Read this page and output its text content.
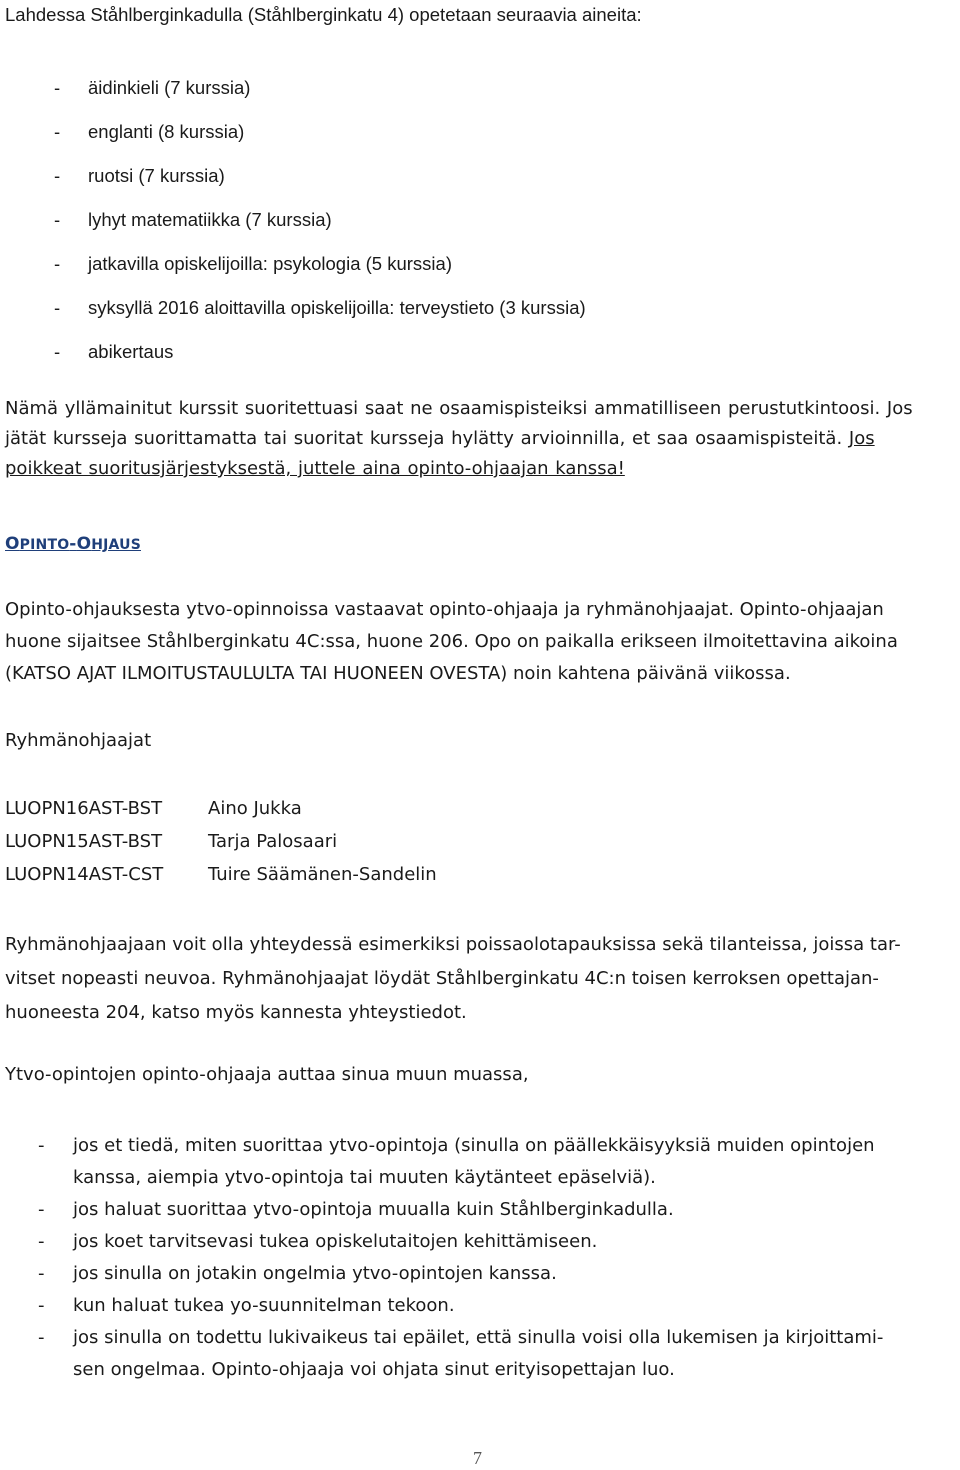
Lahdessa Ståhlberginkadulla (Ståhlberginkatu 4) opetetaan seuraavia aineita:
- äidinkieli (7 kurssia)
- englanti (8 kurssia)
- ruotsi (7 kurssia)
- lyhyt matematiikka (7 kurssia)
- jatkavilla opiskelijoilla: psykologia (5 kurssia)
- syksyllä 2016 aloittavilla opiskelijoilla: terveystieto (3 kurssia)
- abikertaus
Nämä yllämainitut kurssit suoritettuasi saat ne osaamispisteiksi ammatilliseen perustutkintoosi. Jos
jätät kursseja suorittamatta tai suoritat kursseja hylätty arvioinnilla, et saa osaamispisteitä. Jos
poikkeat suoritusjärjestyksestä, juttele aina opinto-ohjaajan kanssa!
OPINTO-OHJAUS
Opinto-ohjauksesta ytvo-opinnoissa vastaavat opinto-ohjaaja ja ryhmänohjaajat. Opinto-ohjaajan
huone sijaitsee Ståhlberginkatu 4C:ssa, huone 206. Opo on paikalla erikseen ilmoitettavina aikoina
(KATSO AJAT ILMOITUSTAULULTA TAI HUONEEN OVESTA) noin kahtena päivänä viikossa.
Ryhmänohjaajat
LUOPN16AST-BST	Aino Jukka
LUOPN15AST-BST	Tarja Palosaari
LUOPN14AST-CST	Tuire Säämänen-Sandelin
Ryhmänohjaajaan voit olla yhteydessä esimerkiksi poissaolotapauksissa sekä tilanteissa, joissa tar-
vitset nopeasti neuvoa. Ryhmänohjaajat löydät Ståhlberginkatu 4C:n toisen kerroksen opettajan-
huoneesta 204, katso myös kannesta yhteystiedot.
Ytvo-opintojen opinto-ohjaaja auttaa sinua muun muassa,
- jos et tiedä, miten suorittaa ytvo-opintoja (sinulla on päällekkäisyyksiä muiden opintojen
kanssa, aiempia ytvo-opintoja tai muuten käytänteet epäselviä).
- jos haluat suorittaa ytvo-opintoja muualla kuin Ståhlberginkadulla.
- jos koet tarvitsevasi tukea opiskelutaitojen kehittämiseen.
- jos sinulla on jotakin ongelmia ytvo-opintojen kanssa.
- kun haluat tukea yo-suunnitelman tekoon.
- jos sinulla on todettu lukivaikeus tai epäilet, että sinulla voisi olla lukemisen ja kirjoittami-
sen ongelmaa. Opinto-ohjaaja voi ohjata sinut erityisopettajan luo.
7
